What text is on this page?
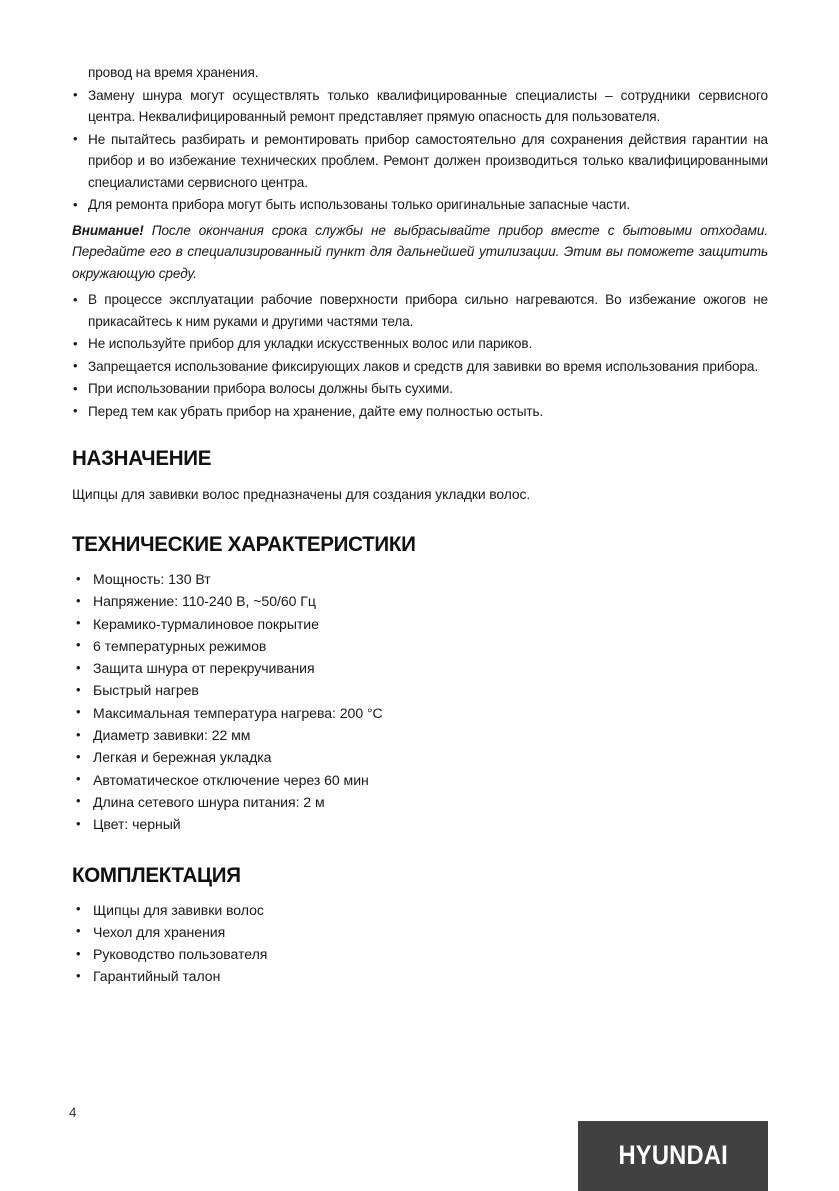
провод на время хранения.

• Замену шнура могут осуществлять только квалифицированные специалисты – сотрудники сервисного центра. Неквалифицированный ремонт представляет прямую опасность для пользователя.
• Не пытайтесь разбирать и ремонтировать прибор самостоятельно для сохранения действия гарантии на прибор и во избежание технических проблем. Ремонт должен производиться только квалифицированными специалистами сервисного центра.
• Для ремонта прибора могут быть использованы только оригинальные запасные части.

Внимание! После окончания срока службы не выбрасывайте прибор вместе с бытовыми отходами. Передайте его в специализированный пункт для дальнейшей утилизации. Этим вы поможете защитить окружающую среду.

• В процессе эксплуатации рабочие поверхности прибора сильно нагреваются. Во избежание ожогов не прикасайтесь к ним руками и другими частями тела.
• Не используйте прибор для укладки искусственных волос или париков.
• Запрещается использование фиксирующих лаков и средств для завивки во время использования прибора.
• При использовании прибора волосы должны быть сухими.
• Перед тем как убрать прибор на хранение, дайте ему полностью остыть.
НАЗНАЧЕНИЕ

Щипцы для завивки волос предназначены для создания укладки волос.

ТЕХНИЧЕСКИЕ ХАРАКТЕРИСТИКИ
• Мощность: 130 Вт
• Напряжение: 110-240 В, ~50/60 Гц
• Керамико-турмалиновое покрытие
• 6 температурных режимов
• Защита шнура от перекручивания
• Быстрый нагрев
• Максимальная температура нагрева: 200 °С
• Диаметр завивки: 22 мм
• Легкая и бережная укладка
• Автоматическое отключение через 60 мин
• Длина сетевого шнура питания: 2 м
• Цвет: черный
КОМПЛЕКТАЦИЯ
• Щипцы для завивки волос
• Чехол для хранения
• Руководство пользователя
• Гарантийный талон
4
HYUNDAI
